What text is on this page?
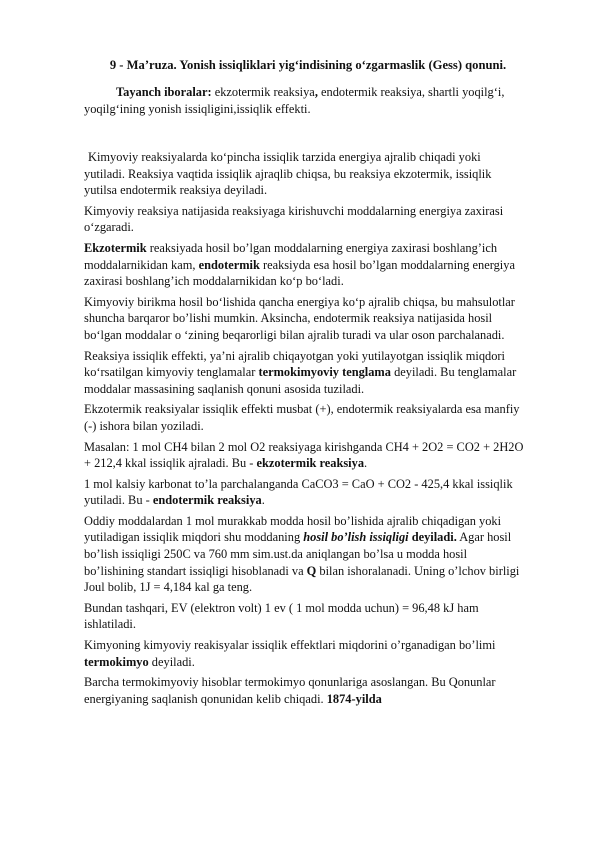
9 - Ma’ruza. Yonish issiqliklari yig‘indisining o‘zgarmaslik (Gess) qonuni.
Tayanch iboralar: ekzotermik reaksiya, endotermik reaksiya, shartli yoqilg‘i, yoqilg‘ining yonish issiqligini,issiqlik effekti.

Kimyoviy reaksiyalarda ko‘pincha issiqlik tarzida energiya ajralib chiqadi yoki yutiladi. Reaksiya vaqtida issiqlik ajraqlib chiqsa, bu reaksiya ekzotermik, issiqlik yutilsa endotermik reaksiya deyiladi.

Kimyoviy reaksiya natijasida reaksiyaga kirishuvchi moddalarning energiya zaxirasi o‘zgaradi.

Ekzotermik reaksiyada hosil bo’lgan moddalarning energiya zaxirasi boshlang’ich moddalarnikidan kam, endotermik reaksiyda esa hosil bo’lgan moddalarning energiya zaxirasi boshlang’ich moddalarnikidan ko‘p bo‘ladi.

Kimyoviy birikma hosil bo‘lishida qancha energiya ko‘p ajralib chiqsa, bu mahsulotlar shuncha barqaror bo’lishi mumkin. Aksincha, endotermik reaksiya natijasida hosil bo‘lgan moddalar o ‘zining beqarorligi bilan ajralib turadi va ular oson parchalanadi.

Reaksiya issiqlik effekti, ya’ni ajralib chiqayotgan yoki yutilayotgan issiqlik miqdori ko‘rsatilgan kimyoviy tenglamalar termokimyoviy tenglama deyiladi. Bu tenglamalar moddalar massasining saqlanish qonuni asosida tuziladi.

Ekzotermik reaksiyalar issiqlik effekti musbat (+), endotermik reaksiyalarda esa manfiy (-) ishora bilan yoziladi.

Masalan: 1 mol CH4 bilan 2 mol O2 reaksiyaga kirishganda CH4 + 2O2 = CO2 + 2H2O + 212,4 kkal issiqlik ajraladi. Bu - ekzotermik reaksiya.

1 mol kalsiy karbonat to’la parchalanganda CaCO3 = CaO + CO2 - 425,4 kkal issiqlik yutiladi. Bu - endotermik reaksiya.

Oddiy moddalardan 1 mol murakkab modda hosil bo’lishida ajralib chiqadigan yoki yutiladigan issiqlik miqdori shu moddaning hosil bo’lish issiqligi deyiladi. Agar hosil bo’lish issiqligi 250C va 760 mm sim.ust.da aniqlangan bo’lsa u modda hosil bo’lishining standart issiqligi hisoblanadi va Q bilan ishoralanadi. Uning o’lchov birligi Joul bolib, 1J = 4,184 kal ga teng.

Bundan tashqari, EV (elektron volt) 1 ev ( 1 mol modda uchun) = 96,48 kJ ham ishlatiladi.

Kimyoning kimyoviy reakisyalar issiqlik effektlari miqdorini o’rganadigan bo’limi termokimyo deyiladi.

Barcha termokimyoviy hisoblar termokimyo qonunlariga asoslangan. Bu Qonunlar energiyaning saqlanish qonunidan kelib chiqadi. 1874-yilda
